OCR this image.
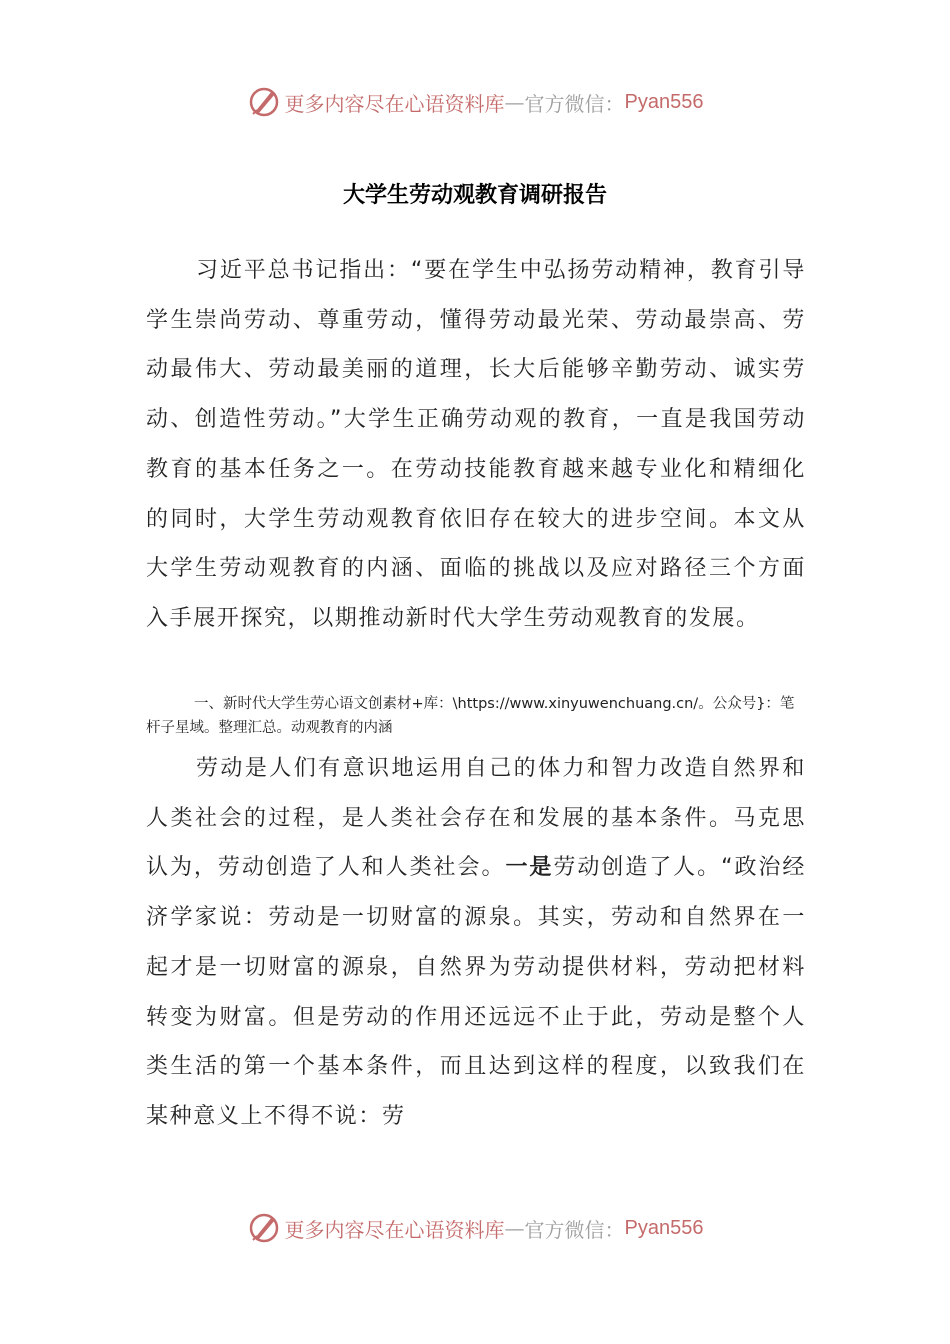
更多内容尽在心语资料库 — 官方微信： Pyan556
大学生劳动观教育调研报告

习近平总书记指出：“要在学生中弘扬劳动精神，教育引导学生崇尚劳动、尊重劳动，懂得劳动最光荣、劳动最崇高、劳动最伟大、劳动最美丽的道理，长大后能够辛勤劳动、诚实劳动、创造性劳动。”大学生正确劳动观的教育，一直是我国劳动教育的基本任务之一。在劳动技能教育越来越专业化和精细化的同时，大学生劳动观教育依旧存在较大的进步空间。本文从大学生劳动观教育的内涵、面临的挑战以及应对路径三个方面入手展开探究，以期推动新时代大学生劳动观教育的发展。

一、新时代大学生劳心语文创素材+库：\https://www.xinyuwenchuang.cn/。公众号}：笔杆子星域。整理汇总。动观教育的内涵

劳动是人们有意识地运用自己的体力和智力改造自然界和人类社会的过程，是人类社会存在和发展的基本条件。马克思认为，劳动创造了人和人类社会。一是劳动创造了人。“政治经济学家说：劳动是一切财富的源泉。其实，劳动和自然界在一起才是一切财富的源泉，自然界为劳动提供材料，劳动把材料转变为财富。但是劳动的作用还远远不止于此，劳动是整个人类生活的第一个基本条件，而且达到这样的程度，以致我们在某种意义上不得不说：劳

更多内容尽在心语资料库 — 官方微信： Pyan556
